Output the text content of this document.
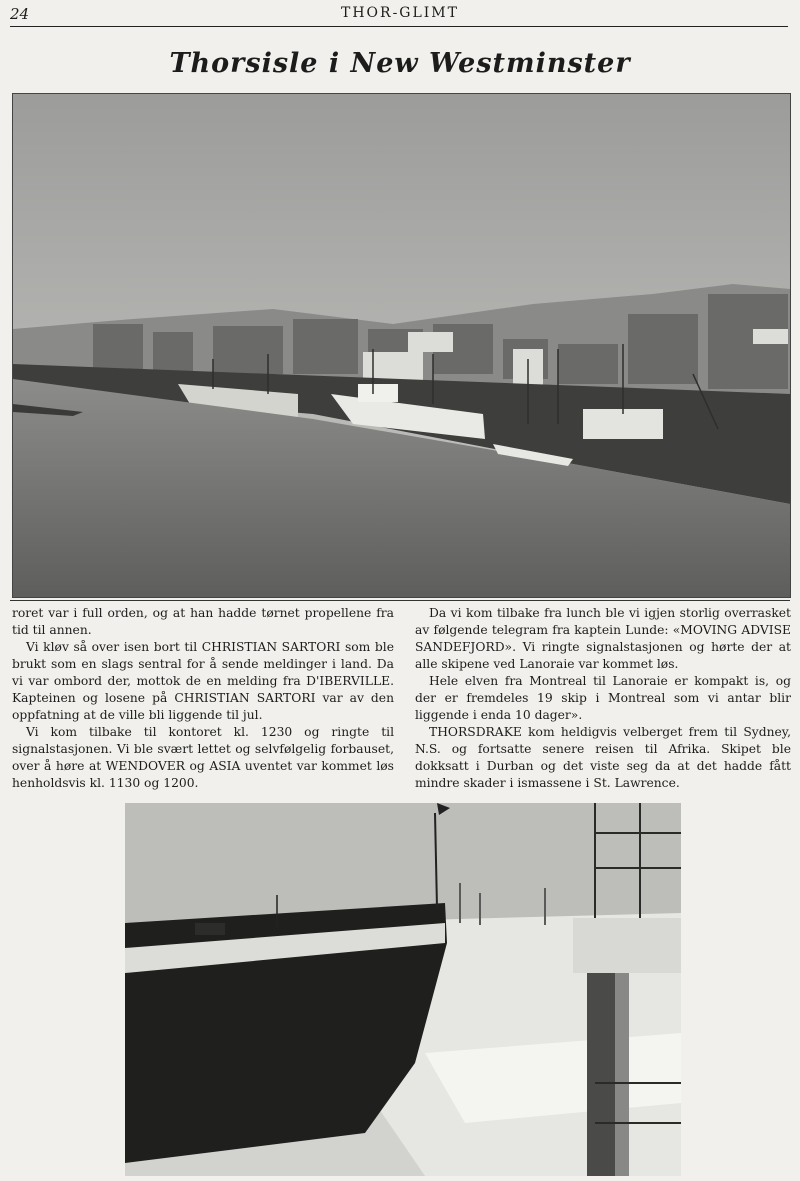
24	THOR-GLIMT
Thorsisle i New Westminster

roret var i full orden, og at han hadde tørnet propellene fra tid til annen.

Vi kløv så over isen bort til CHRISTIAN SARTORI som ble brukt som en slags sentral for å sende meldinger i land. Da vi var ombord der, mottok de en melding fra D'IBERVILLE. Kapteinen og losene på CHRISTIAN SARTORI var av den oppfatning at de ville bli liggende til jul.

Vi kom tilbake til kontoret kl. 1230 og ringte til signalstasjonen. Vi ble svært lettet og selvfølgelig forbauset, over å høre at WENDOVER og ASIA uventet var kommet løs henholdsvis kl. 1130 og 1200.

Da vi kom tilbake fra lunch ble vi igjen storlig overrasket av følgende telegram fra kaptein Lunde: «MOVING ADVISE SANDEFJORD». Vi ringte signalstasjonen og hørte der at alle skipene ved Lanoraie var kommet løs.

Hele elven fra Montreal til Lanoraie er kompakt is, og der er fremdeles 19 skip i Montreal som vi antar blir liggende i enda 10 dager».

THORSDRAKE kom heldigvis velberget frem til Sydney, N.S. og fortsatte senere reisen til Afrika. Skipet ble dokksatt i Durban og det viste seg da at det hadde fått mindre skader i ismassene i St. Lawrence.
